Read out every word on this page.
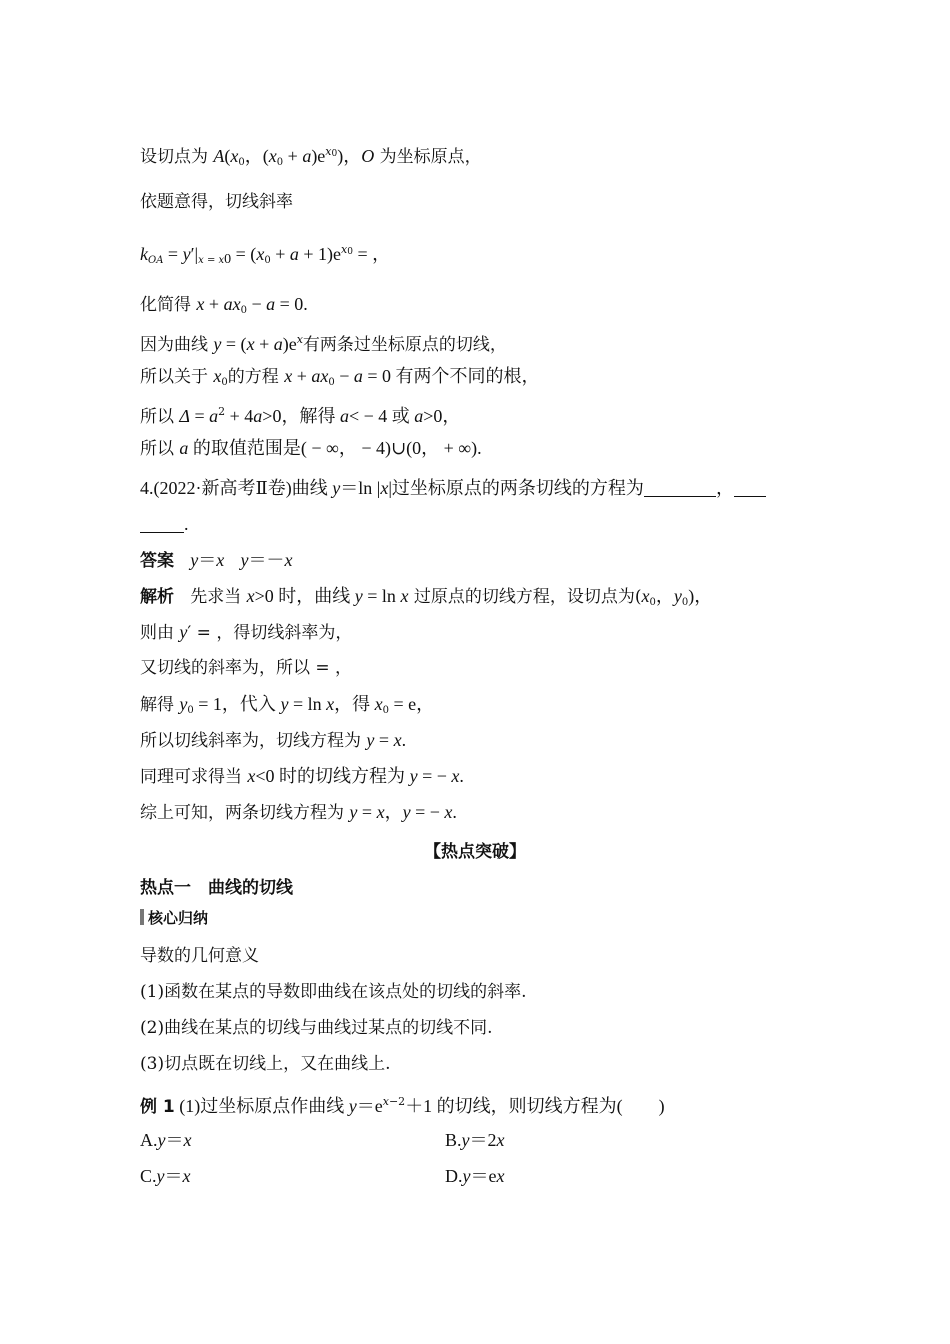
设切点为 $A(x_0$，$(x_0 + a)e^{x0}$)，O 为坐标原点，
依题意得，切线斜率
$k_{OA} = y'|_x$ $_=$ $_x0 = (x_0 + a + 1)e^{x0}$ = ，
化简得 $x + ax_0 - a = 0$.
因为曲线 $y = (x + a)e^x$有两条过坐标原点的切线，
所以关于 $x_0$的方程 $x + ax_0 - a = 0$ 有两个不同的根，
所以 $\Delta = a^2 + 4a>0$，解得 a< − 4 或 a>0，
所以 a 的取值范围是( − ∞， − 4)∪(0， + ∞).
4.(2022·新高考Ⅱ卷)曲线 y＝ln |x|过坐标原点的两条切线的方程为	，
.
答案 y＝x y＝－x
解析 先求当 x>0 时，曲线 y = ln x 过原点的切线方程，设切点为($x_0$，$y_0$)，
则由 y′ = ，得切线斜率为，
又切线的斜率为，所以 = ，
解得 $y_0 = 1$，代入 y = ln x，得 $x_0 = e$，
所以切线斜率为，切线方程为 y = x.
同理可求得当 x<0 时的切线方程为 y = − x.
综上可知，两条切线方程为 y = x，y = − x.
【热点突破】
热点一　曲线的切线
核心归纳
导数的几何意义
(1)函数在某点的导数即曲线在该点处的切线的斜率.
(2)曲线在某点的切线与曲线过某点的切线不同.
(3)切点既在切线上，又在曲线上.
例 1 (1)过坐标原点作曲线 $y=e^{x-2}+1$ 的切线，则切线方程为(　　)
A.y＝x	B.y＝2x
C.y＝x	D.y＝ex
